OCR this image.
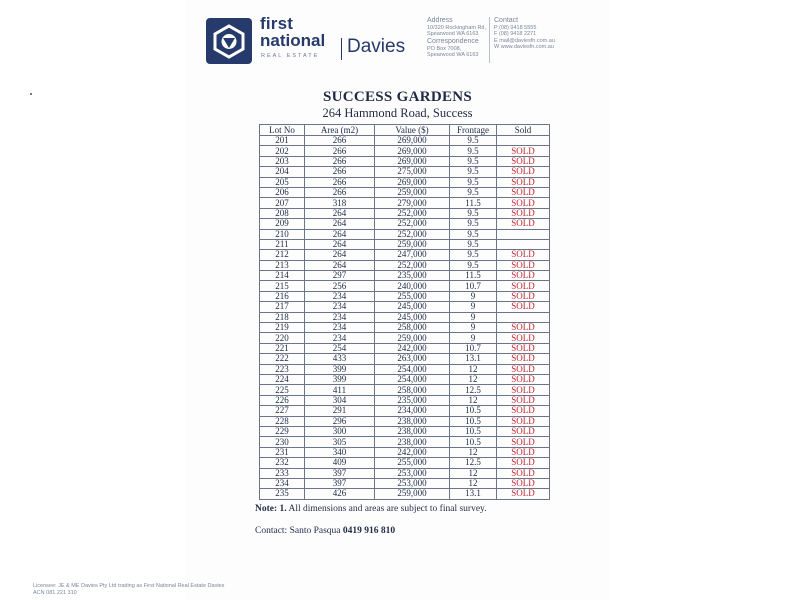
first
national
REAL ESTATE Davies
Address
10/320 Rockingham Rd,
Spearwood WA 6163
Correspondence
PO Box 7008,
Spearwood WA 6163
Contact
P (08) 9418 5555
F (08) 9418 2271
E mail@daviesfn.com.au
W www.daviesfn.com.au
SUCCESS GARDENS
264 Hammond Road, Success
Lot No	Area (m2)	Value ($)	Frontage	Sold
201	266	269,000	9.5	
202	266	269,000	9.5	SOLD
203	266	269,000	9.5	SOLD
204	266	275,000	9.5	SOLD
205	266	269,000	9.5	SOLD
206	266	259,000	9.5	SOLD
207	318	279,000	11.5	SOLD
208	264	252,000	9.5	SOLD
209	264	252,000	9.5	SOLD
210	264	252,000	9.5	
211	264	259,000	9.5	
212	264	247,000	9.5	SOLD
213	264	252,000	9.5	SOLD
214	297	235,000	11.5	SOLD
215	256	240,000	10.7	SOLD
216	234	255,000	9	SOLD
217	234	245,000	9	SOLD
218	234	245,000	9	
219	234	258,000	9	SOLD
220	234	259,000	9	SOLD
221	254	242,000	10.7	SOLD
222	433	263,000	13.1	SOLD
223	399	254,000	12	SOLD
224	399	254,000	12	SOLD
225	411	258,000	12.5	SOLD
226	304	235,000	12	SOLD
227	291	234,000	10.5	SOLD
228	296	238,000	10.5	SOLD
229	300	238,000	10.5	SOLD
230	305	238,000	10.5	SOLD
231	340	242,000	12	SOLD
232	409	255,000	12.5	SOLD
233	397	253,000	12	SOLD
234	397	253,000	12	SOLD
235	426	259,000	13.1	SOLD
Note: 1. All dimensions and areas are subject to final survey.
Contact: Santo Pasqua 0419 916 810
Licensee: JE & ME Davies Pty Ltd trading as First National Real Estate Davies
ACN 081 221 310
